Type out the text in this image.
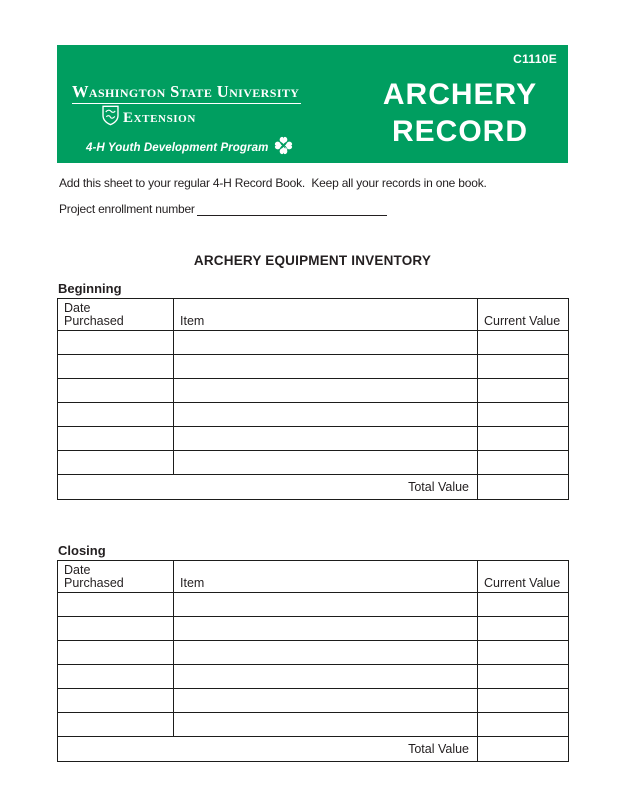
C1110E
Washington State University
Extension
4-H Youth Development Program
ARCHERY
RECORD

Add this sheet to your regular 4-H Record Book.  Keep all your records in one book.

Project enrollment number
ARCHERY EQUIPMENT INVENTORY
Beginning
Date
Purchased	Item	Current Value

Total Value		
Closing
Date
Purchased	Item	Current Value

Total Value		
